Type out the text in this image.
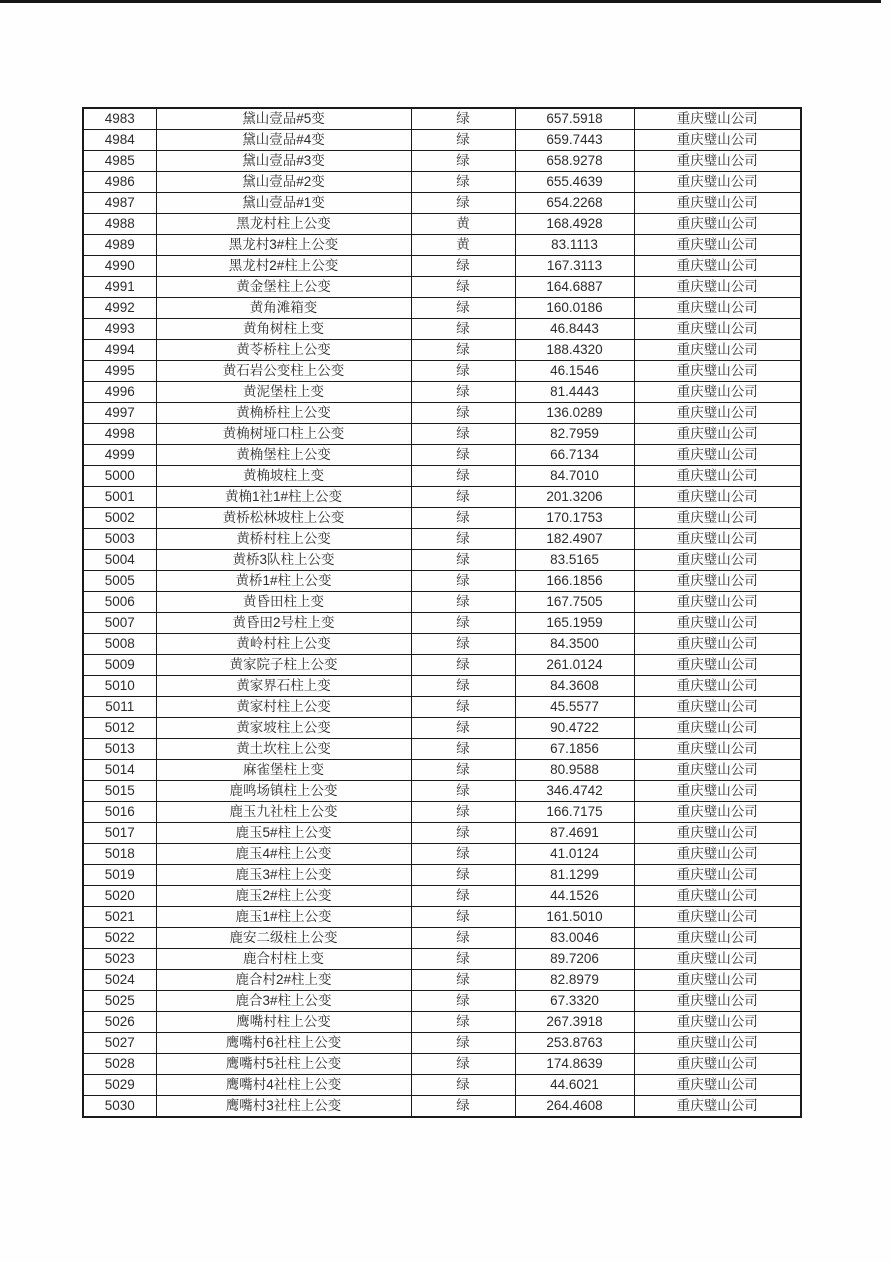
4983	黛山壹品#5变	绿	657.5918	重庆璧山公司
4984	黛山壹品#4变	绿	659.7443	重庆璧山公司
4985	黛山壹品#3变	绿	658.9278	重庆璧山公司
4986	黛山壹品#2变	绿	655.4639	重庆璧山公司
4987	黛山壹品#1变	绿	654.2268	重庆璧山公司
4988	黑龙村柱上公变	黄	168.4928	重庆璧山公司
4989	黑龙村3#柱上公变	黄	83.1113	重庆璧山公司
4990	黑龙村2#柱上公变	绿	167.3113	重庆璧山公司
4991	黄金堡柱上公变	绿	164.6887	重庆璧山公司
4992	黄角滩箱变	绿	160.0186	重庆璧山公司
4993	黄角树柱上变	绿	46.8443	重庆璧山公司
4994	黄苓桥柱上公变	绿	188.4320	重庆璧山公司
4995	黄石岩公变柱上公变	绿	46.1546	重庆璧山公司
4996	黄泥堡柱上变	绿	81.4443	重庆璧山公司
4997	黄桷桥柱上公变	绿	136.0289	重庆璧山公司
4998	黄桷树垭口柱上公变	绿	82.7959	重庆璧山公司
4999	黄桷堡柱上公变	绿	66.7134	重庆璧山公司
5000	黄桷坡柱上变	绿	84.7010	重庆璧山公司
5001	黄桷1社1#柱上公变	绿	201.3206	重庆璧山公司
5002	黄桥松林坡柱上公变	绿	170.1753	重庆璧山公司
5003	黄桥村柱上公变	绿	182.4907	重庆璧山公司
5004	黄桥3队柱上公变	绿	83.5165	重庆璧山公司
5005	黄桥1#柱上公变	绿	166.1856	重庆璧山公司
5006	黄昏田柱上变	绿	167.7505	重庆璧山公司
5007	黄昏田2号柱上变	绿	165.1959	重庆璧山公司
5008	黄岭村柱上公变	绿	84.3500	重庆璧山公司
5009	黄家院子柱上公变	绿	261.0124	重庆璧山公司
5010	黄家界石柱上变	绿	84.3608	重庆璧山公司
5011	黄家村柱上公变	绿	45.5577	重庆璧山公司
5012	黄家坡柱上公变	绿	90.4722	重庆璧山公司
5013	黄土坎柱上公变	绿	67.1856	重庆璧山公司
5014	麻雀堡柱上变	绿	80.9588	重庆璧山公司
5015	鹿鸣场镇柱上公变	绿	346.4742	重庆璧山公司
5016	鹿玉九社柱上公变	绿	166.7175	重庆璧山公司
5017	鹿玉5#柱上公变	绿	87.4691	重庆璧山公司
5018	鹿玉4#柱上公变	绿	41.0124	重庆璧山公司
5019	鹿玉3#柱上公变	绿	81.1299	重庆璧山公司
5020	鹿玉2#柱上公变	绿	44.1526	重庆璧山公司
5021	鹿玉1#柱上公变	绿	161.5010	重庆璧山公司
5022	鹿安二级柱上公变	绿	83.0046	重庆璧山公司
5023	鹿合村柱上变	绿	89.7206	重庆璧山公司
5024	鹿合村2#柱上变	绿	82.8979	重庆璧山公司
5025	鹿合3#柱上公变	绿	67.3320	重庆璧山公司
5026	鹰嘴村柱上公变	绿	267.3918	重庆璧山公司
5027	鹰嘴村6社柱上公变	绿	253.8763	重庆璧山公司
5028	鹰嘴村5社柱上公变	绿	174.8639	重庆璧山公司
5029	鹰嘴村4社柱上公变	绿	44.6021	重庆璧山公司
5030	鹰嘴村3社柱上公变	绿	264.4608	重庆璧山公司
